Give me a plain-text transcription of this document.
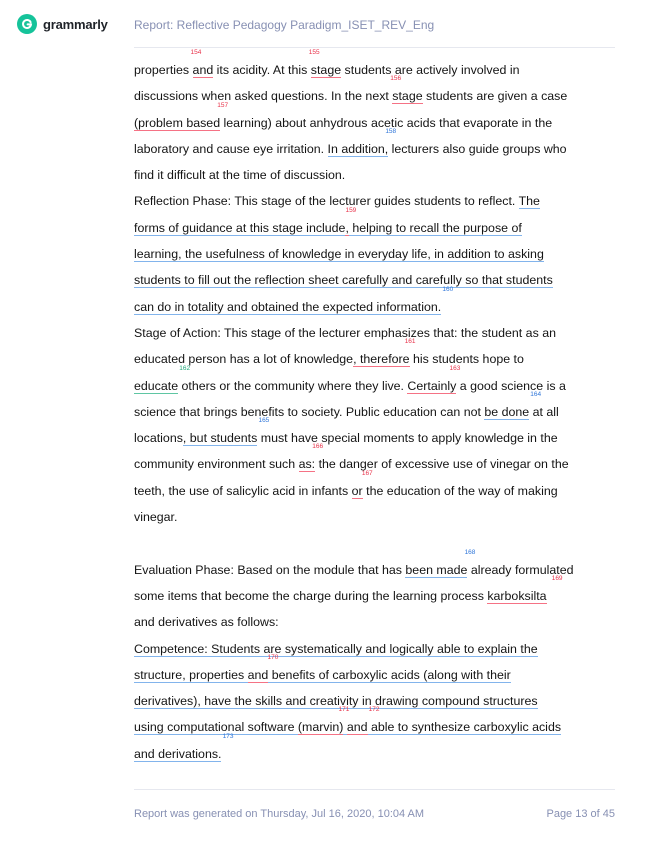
grammarly Report: Reflective Pedagogy Paradigm_ISET_REV_Eng
properties
154
and its acidity. At this
155
stage students are actively involved in
discussions when asked questions. In the next
156
stage students are given a case
(problem based
157
learning) about anhydrous acetic acids that evaporate in the
laboratory and cause eye irritation. In addition,
158
lecturers also guide groups who
find it difficult at the time of discussion.
Reflection Phase: This stage of the lecturer guides students to reflect. The
forms of guidance at this stage include,
159
helping to recall the purpose of
learning, the usefulness of knowledge in everyday life, in addition to asking
students to fill out the reflection sheet carefully and carefully so that students
can do in totality and obtained the expected information.
160
Stage of Action: This stage of the lecturer emphasizes that: the student as an
educated person has a lot of knowledge, therefore
161
his students hope to
educate
162
others or the community where they live. Certainly
163
a good science is a
science that brings benefits to society. Public education can not be done
164
at all
locations, but students
165
must have special moments to apply knowledge in the
community environment such as:
166
the danger of excessive use of vinegar on the
teeth, the use of salicylic acid in infants or
167
the education of the way of making
vinegar.
Evaluation Phase: Based on the module that has been made
168
already formulated
some items that become the charge during the learning process karboksilta
169
and derivatives as follows:
Competence: Students are systematically and logically able to explain the
structure, properties and
170
benefits of carboxylic acids (along with their
derivatives), have the skills and creativity in drawing compound structures
using computational software (marvin)
171
and
172
able to synthesize carboxylic acids
and derivations.
173
Report was generated on Thursday, Jul 16, 2020, 10:04 AM	Page 13 of 45
